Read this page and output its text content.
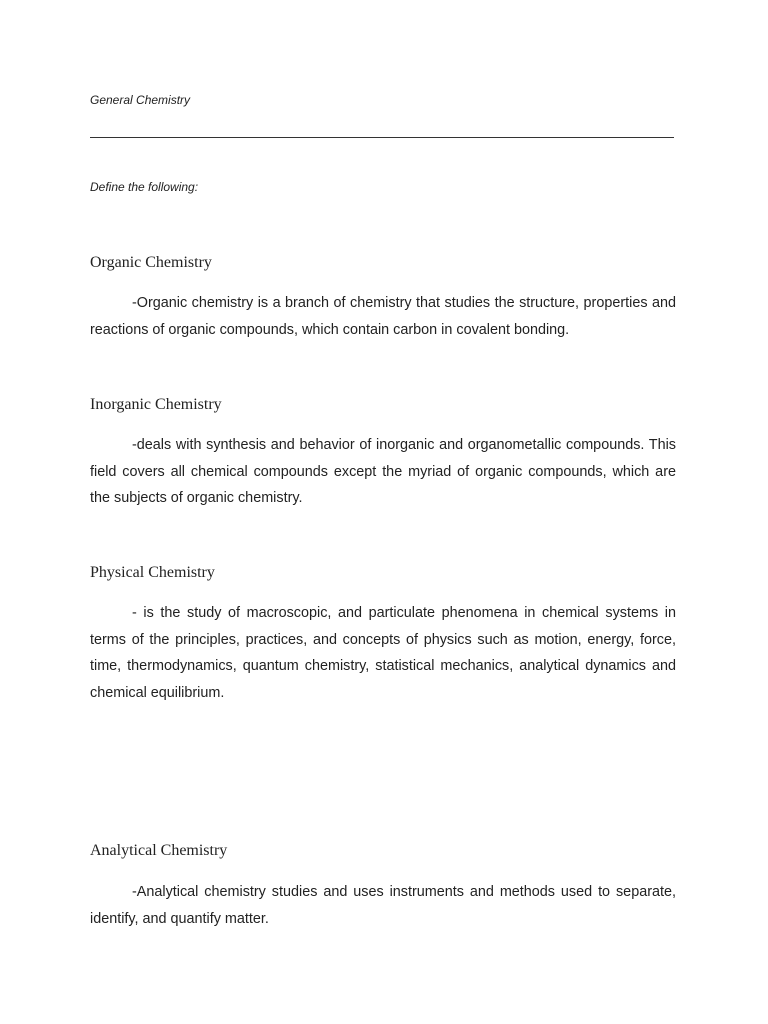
General Chemistry
Define the following:
Organic Chemistry

-Organic chemistry is a branch of chemistry that studies the structure, properties and reactions of organic compounds, which contain carbon in covalent bonding.

Inorganic Chemistry

-deals with synthesis and behavior of inorganic and organometallic compounds. This field covers all chemical compounds except the myriad of organic compounds, which are the subjects of organic chemistry.

Physical Chemistry

- is the study of macroscopic, and particulate phenomena in chemical systems in terms of the principles, practices, and concepts of physics such as motion, energy, force, time, thermodynamics, quantum chemistry, statistical mechanics, analytical dynamics and chemical equilibrium.

Analytical Chemistry

-Analytical chemistry studies and uses instruments and methods used to separate, identify, and quantify matter.
